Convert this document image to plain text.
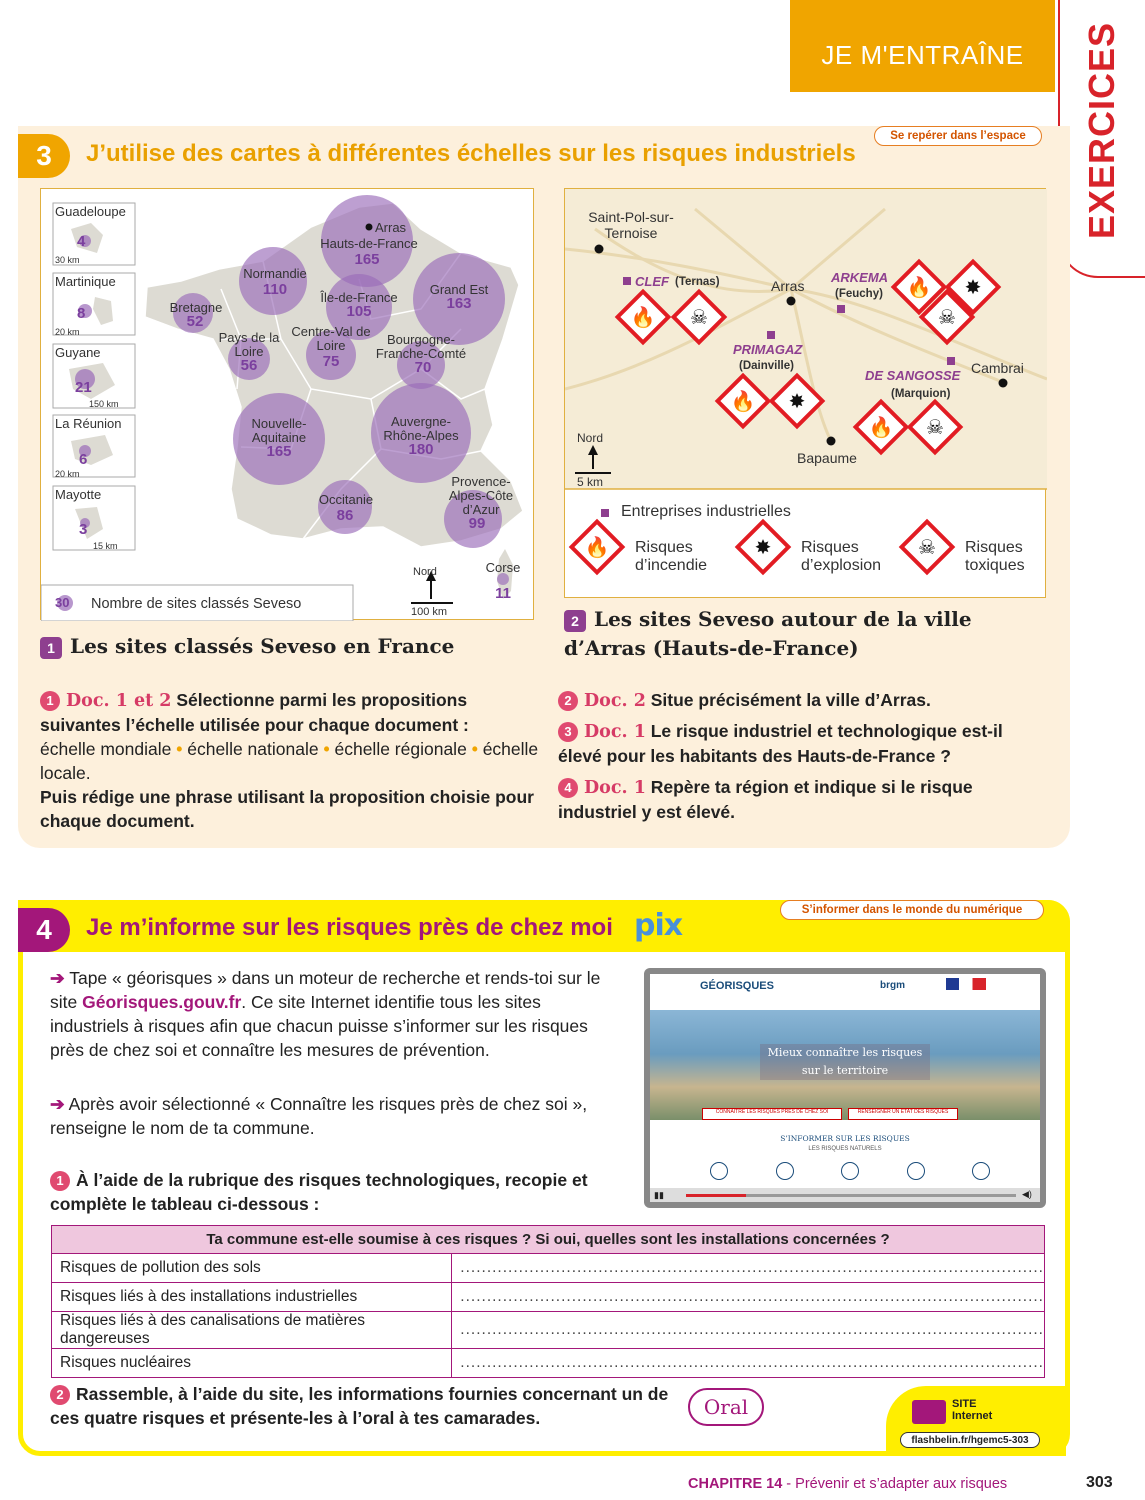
JE M'ENTRAÎNE	EXERCICES
3	J’utilise des cartes à différentes échelles sur les risques industriels
Se repérer dans l’espace
Guadeloupe
4
30 km
Martinique
8
20 km
Guyane
21
150 km
La Réunion
6
20 km
Mayotte
3
15 km
Arras
Hauts-de-France
165
Normandie
110
Bretagne
52
Île-de-France
105
Grand Est
163
Pays de la Loire
56
Centre-Val de Loire
75
Bourgogne-Franche-Comté
70
Nouvelle-Aquitaine
165
Auvergne-Rhône-Alpes
180
Occitanie
86
Provence-Alpes-Côte d’Azur
99
Corse
11
Nord
100 km
30 Nombre de sites classés Seveso
1 Les sites classés Seveso en France
🔥 ☠
🔥 ✸
☠
🔥 ✸
🔥 ☠
🔥	✸	☠
Saint-Pol-sur-Ternoise
Arras
Cambrai
Bapaume
CLEF (Ternas)	ARKEMA
(Feuchy)
PRIMAGAZ
(Dainville)
DE SANGOSSE
(Marquion)
Nord
5 km
Entreprises industrielles
Risques d’incendie
Risques d’explosion
Risques toxiques
2 Les sites Seveso autour de la ville d’Arras (Hauts-de-France)
1 Doc. 1 et 2 Sélectionne parmi les propositions suivantes l’échelle utilisée pour chaque document :
échelle mondiale • échelle nationale • échelle régionale • échelle locale.
Puis rédige une phrase utilisant la proposition choisie pour chaque document.
2 Doc. 2 Situe précisément la ville d’Arras.
3 Doc. 1 Le risque industriel et technologique est-il élevé pour les habitants des Hauts-de-France ?
4 Doc. 1 Repère ta région et indique si le risque industriel y est élevé.
4	Je m’informe sur les risques près de chez moi pix	S’informer dans le monde du numérique
➔ Tape « géorisques » dans un moteur de recherche et rends-toi sur le site Géorisques.gouv.fr. Ce site Internet identifie tous les sites industriels à risques afin que chacun puisse s’informer sur les risques près de chez soi et connaître les mesures de prévention.
➔ Après avoir sélectionné « Connaître les risques près de chez soi », renseigne le nom de ta commune.
1 À l’aide de la rubrique des risques technologiques, recopie et complète le tableau ci-dessous :
GÉORISQUES	brgm
Mieux connaître les risques sur le territoire
CONNAÎTRE LES RISQUES PRÈS DE CHEZ SOI	RENSEIGNER UN ÉTAT DES RISQUES
S’INFORMER SUR LES RISQUES
LES RISQUES NATURELS
▮▮	◀)
Ta commune est-elle soumise à ces risques ? Si oui, quelles sont les installations concernées ?	
Risques de pollution des sols	..............................................................................................................
Risques liés à des installations industrielles	..............................................................................................................
Risques liés à des canalisations de matières dangereuses	..............................................................................................................
Risques nucléaires	..............................................................................................................
2 Rassemble, à l’aide du site, les informations fournies concernant un de ces quatre risques et présente-les à l’oral à tes camarades.	Oral	SITE
Internet
flashbelin.fr/hgemc5-303
CHAPITRE 14 - Prévenir et s’adapter aux risques	303
